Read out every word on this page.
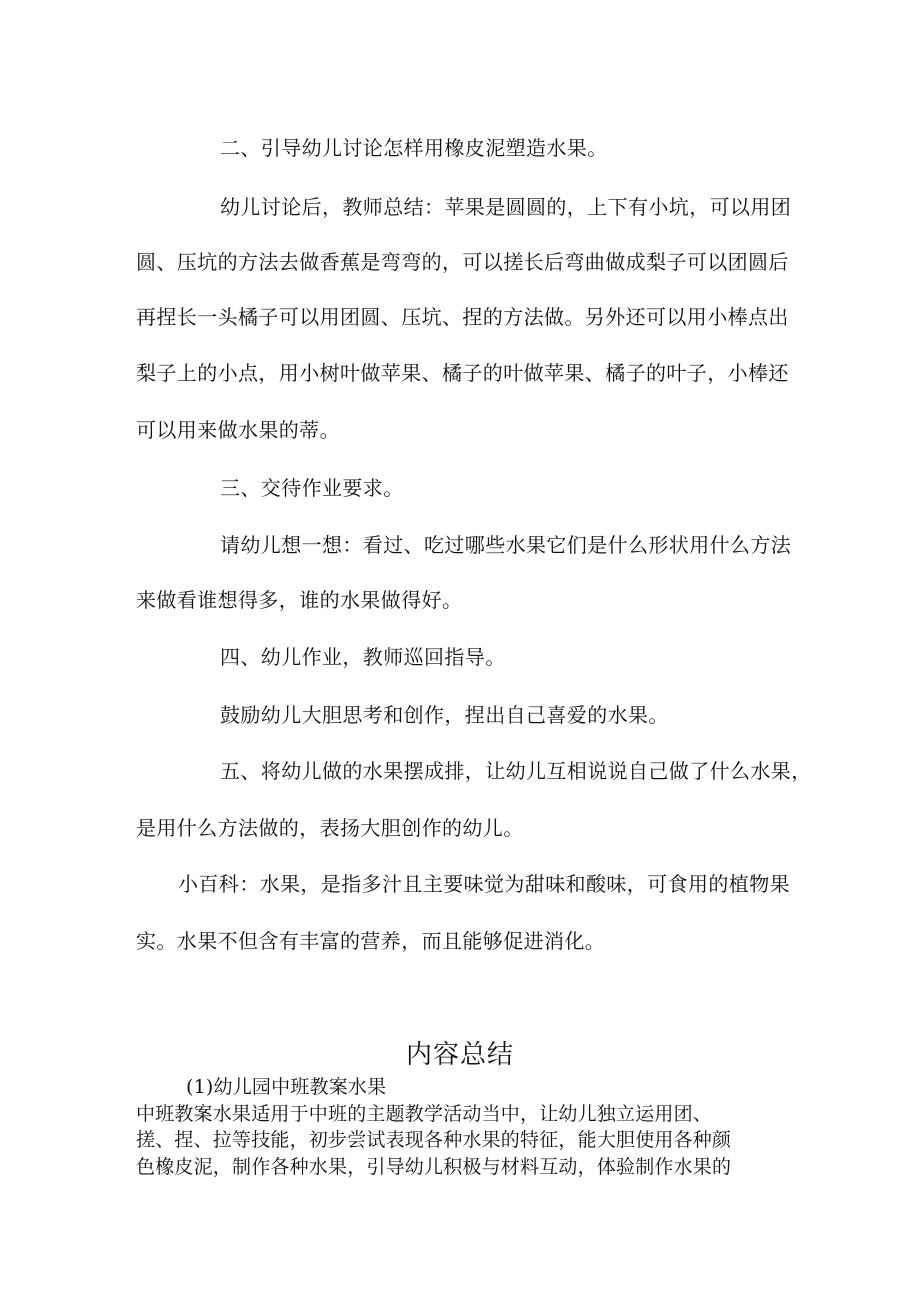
二、引导幼儿讨论怎样用橡皮泥塑造水果。
幼儿讨论后，教师总结：苹果是圆圆的，上下有小坑，可以用团
圆、压坑的方法去做香蕉是弯弯的，可以搓长后弯曲做成梨子可以团圆后
再捏长一头橘子可以用团圆、压坑、捏的方法做。另外还可以用小棒点出
梨子上的小点，用小树叶做苹果、橘子的叶做苹果、橘子的叶子，小棒还
可以用来做水果的蒂。
三、交待作业要求。
请幼儿想一想：看过、吃过哪些水果它们是什么形状用什么方法
来做看谁想得多，谁的水果做得好。
四、幼儿作业，教师巡回指导。
鼓励幼儿大胆思考和创作，捏出自己喜爱的水果。
五、将幼儿做的水果摆成排，让幼儿互相说说自己做了什么水果，
是用什么方法做的，表扬大胆创作的幼儿。
小百科：水果，是指多汁且主要味觉为甜味和酸味，可食用的植物果
实。水果不但含有丰富的营养，而且能够促进消化。
内容总结
(1)幼儿园中班教案水果
中班教案水果适用于中班的主题教学活动当中，让幼儿独立运用团、
搓、捏、拉等技能，初步尝试表现各种水果的特征，能大胆使用各种颜
色橡皮泥，制作各种水果，引导幼儿积极与材料互动，体验制作水果的
